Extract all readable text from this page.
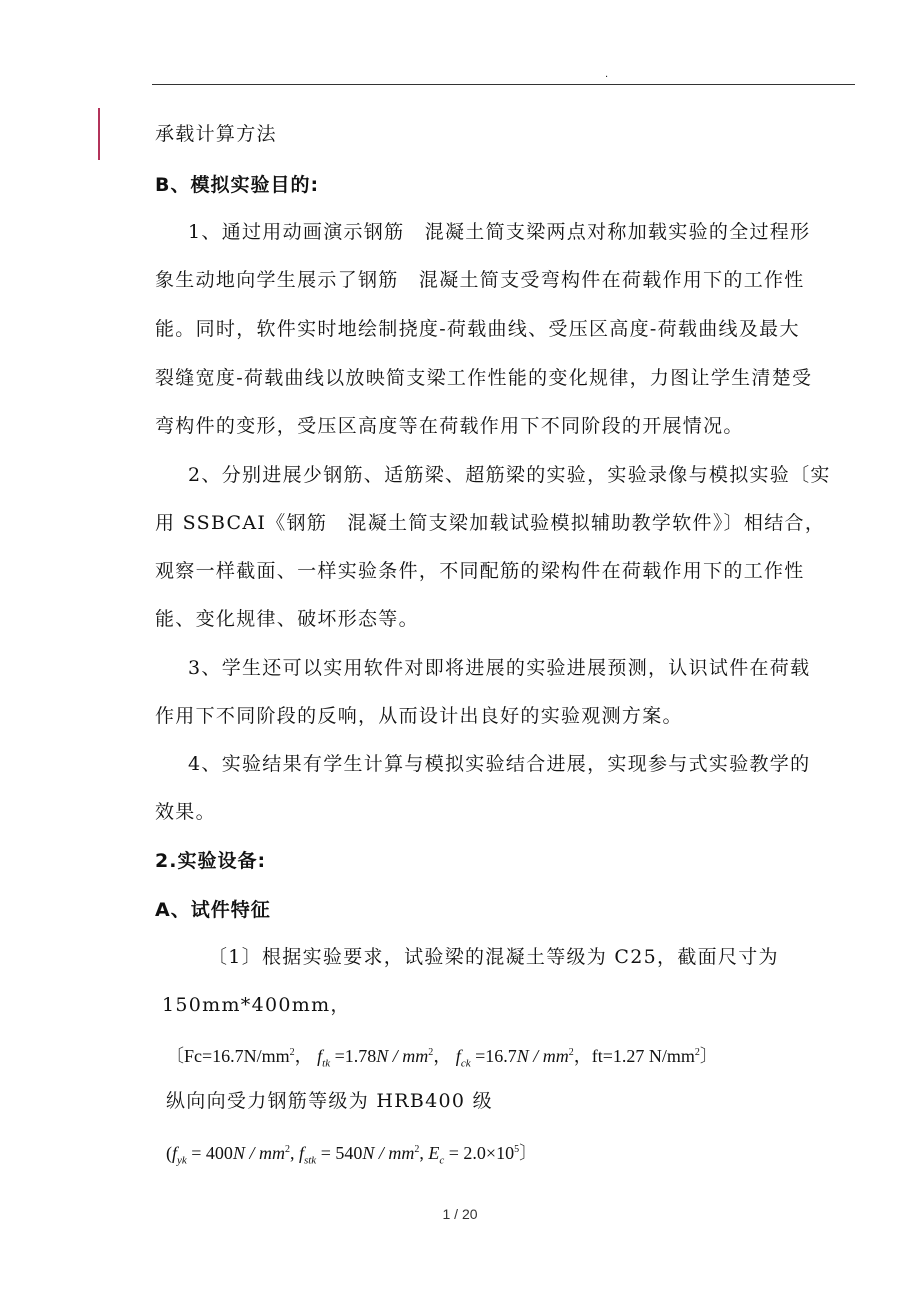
.
承载计算方法
B、模拟实验目的:
1、通过用动画演示钢筋　混凝土简支梁两点对称加载实验的全过程形
象生动地向学生展示了钢筋　混凝土简支受弯构件在荷载作用下的工作性
能。同时，软件实时地绘制挠度-荷载曲线、受压区高度-荷载曲线及最大
裂缝宽度-荷载曲线以放映简支梁工作性能的变化规律，力图让学生清楚受
弯构件的变形，受压区高度等在荷载作用下不同阶段的开展情况。
2、分别进展少钢筋、适筋梁、超筋梁的实验，实验录像与模拟实验〔实
用 SSBCAI《钢筋　混凝土简支梁加载试验模拟辅助教学软件》〕相结合，
观察一样截面、一样实验条件，不同配筋的梁构件在荷载作用下的工作性
能、变化规律、破坏形态等。
3、学生还可以实用软件对即将进展的实验进展预测，认识试件在荷载
作用下不同阶段的反响，从而设计出良好的实验观测方案。
4、实验结果有学生计算与模拟实验结合进展，实现参与式实验教学的
效果。
2.实验设备:
A、试件特征
〔1〕根据实验要求，试验梁的混凝土等级为 C25，截面尺寸为
150mm*400mm，
〔$Fc=16.7N/mm^2$， $f_{tk} =1.78N / mm^2$， $f_{ck} =16.7N / mm^2$，ft=1.27 $N/mm^2$〕
纵向向受力钢筋等级为 HRB400 级
($f_{yk} = 400N / mm^2$, $f_{stk} = 540N / mm^2$, $E_c = 2.0\times 10^5$〕
1 / 20
